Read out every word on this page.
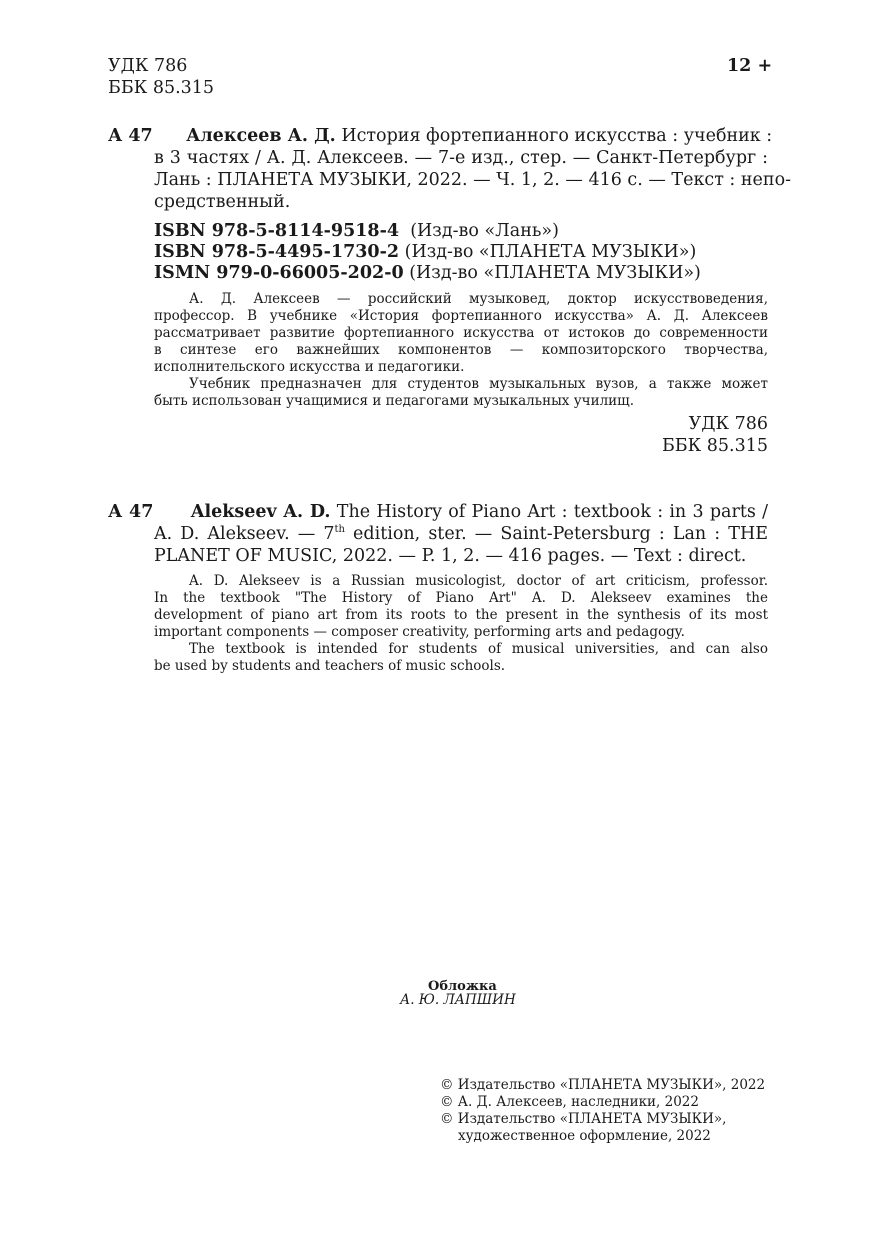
УДК 786
ББК 85.315
12 +
А 47 Алексеев А. Д. История фортепианного искусства : учебник :
в 3 частях / А. Д. Алексеев. — 7-е изд., стер. — Санкт-Петербург :
Лань : ПЛАНЕТА МУЗЫКИ, 2022. — Ч. 1, 2. — 416 с. — Текст : непо-
средственный.
ISBN 978-5-8114-9518-4 (Изд-во «Лань»)
ISBN 978-5-4495-1730-2 (Изд-во «ПЛАНЕТА МУЗЫКИ»)
ISMN 979-0-66005-202-0 (Изд-во «ПЛАНЕТА МУЗЫКИ»)
А. Д. Алексеев — российский музыковед, доктор искусствоведения,
профессор. В учебнике «История фортепианного искусства» А. Д. Алексеев
рассматривает развитие фортепианного искусства от истоков до современности
в синтезе его важнейших компонентов — композиторского творчества,
исполнительского искусства и педагогики.
Учебник предназначен для студентов музыкальных вузов, а также может
быть использован учащимися и педагогами музыкальных училищ.
УДК 786
ББК 85.315
А 47 Alekseev A. D. The History of Piano Art : textbook : in 3 parts /
A. D. Alekseev. — 7th edition, ster. — Saint-Petersburg : Lan : THE
PLANET OF MUSIC, 2022. — P. 1, 2. — 416 pages. — Text : direct.
A. D. Alekseev is a Russian musicologist, doctor of art criticism, professor.
In the textbook "The History of Piano Art" A. D. Alekseev examines the
development of piano art from its roots to the present in the synthesis of its most
important components — composer creativity, performing arts and pedagogy.
The textbook is intended for students of musical universities, and can also
be used by students and teachers of music schools.
Обложка
А. Ю. ЛАПШИН
© Издательство «ПЛАНЕТА МУЗЫКИ», 2022
© А. Д. Алексеев, наследники, 2022
© Издательство «ПЛАНЕТА МУЗЫКИ»,
художественное оформление, 2022
